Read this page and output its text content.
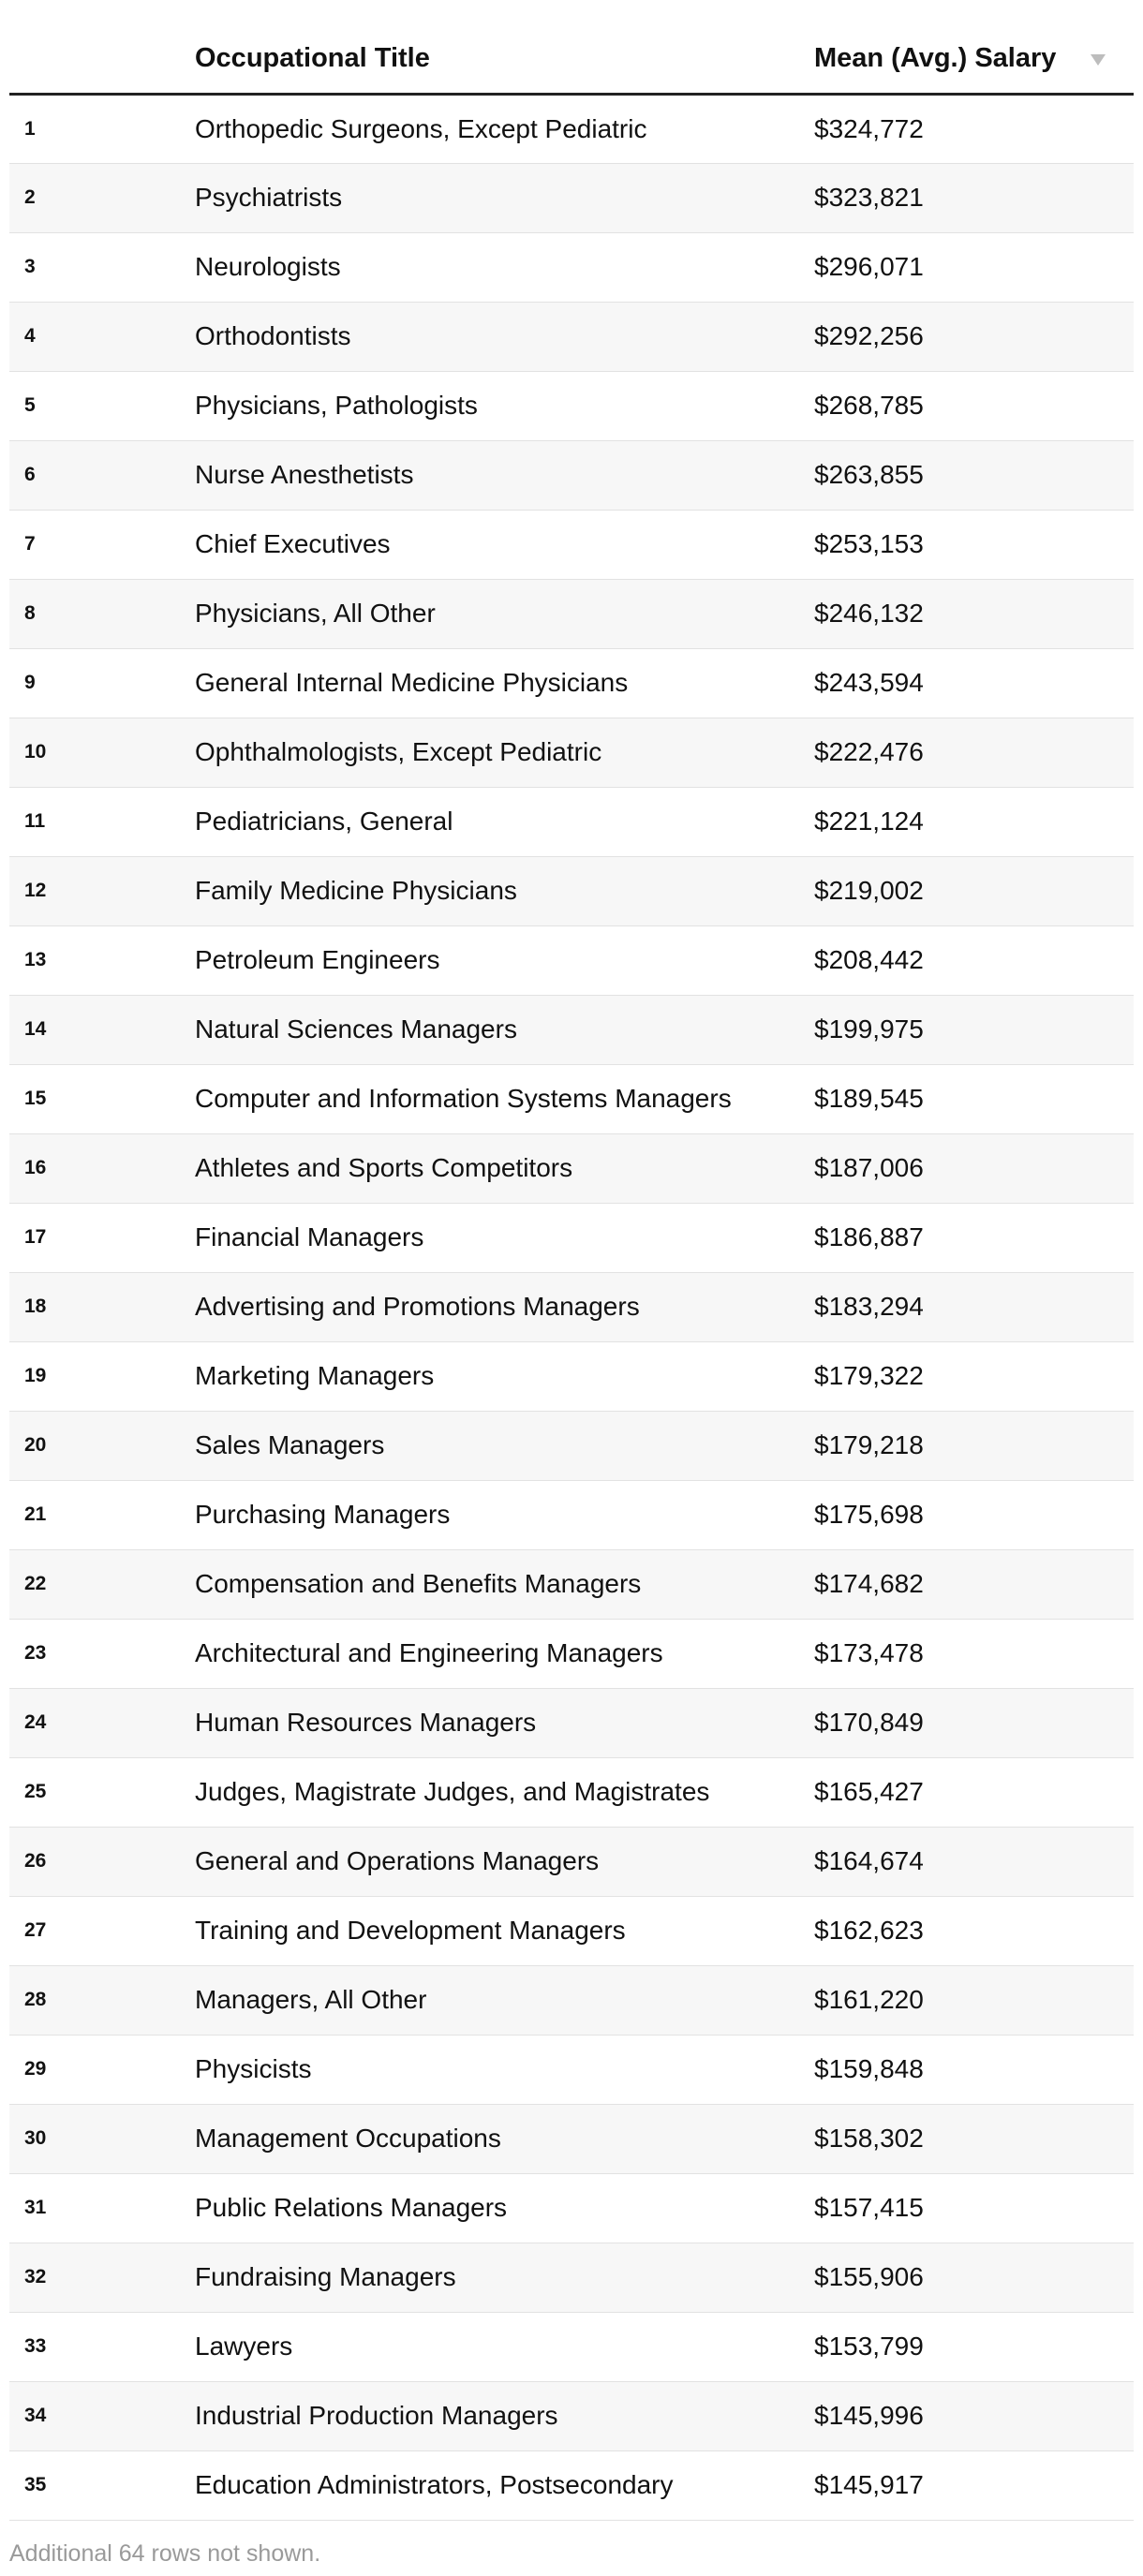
	Occupational Title	Mean (Avg.) Salary

1	Orthopedic Surgeons, Except Pediatric	$324,772
2	Psychiatrists	$323,821
3	Neurologists	$296,071
4	Orthodontists	$292,256
5	Physicians, Pathologists	$268,785
6	Nurse Anesthetists	$263,855
7	Chief Executives	$253,153
8	Physicians, All Other	$246,132
9	General Internal Medicine Physicians	$243,594
10	Ophthalmologists, Except Pediatric	$222,476
11	Pediatricians, General	$221,124
12	Family Medicine Physicians	$219,002
13	Petroleum Engineers	$208,442
14	Natural Sciences Managers	$199,975
15	Computer and Information Systems Managers	$189,545
16	Athletes and Sports Competitors	$187,006
17	Financial Managers	$186,887
18	Advertising and Promotions Managers	$183,294
19	Marketing Managers	$179,322
20	Sales Managers	$179,218
21	Purchasing Managers	$175,698
22	Compensation and Benefits Managers	$174,682
23	Architectural and Engineering Managers	$173,478
24	Human Resources Managers	$170,849
25	Judges, Magistrate Judges, and Magistrates	$165,427
26	General and Operations Managers	$164,674
27	Training and Development Managers	$162,623
28	Managers, All Other	$161,220
29	Physicists	$159,848
30	Management Occupations	$158,302
31	Public Relations Managers	$157,415
32	Fundraising Managers	$155,906
33	Lawyers	$153,799
34	Industrial Production Managers	$145,996
35	Education Administrators, Postsecondary	$145,917
Additional 64 rows not shown.
